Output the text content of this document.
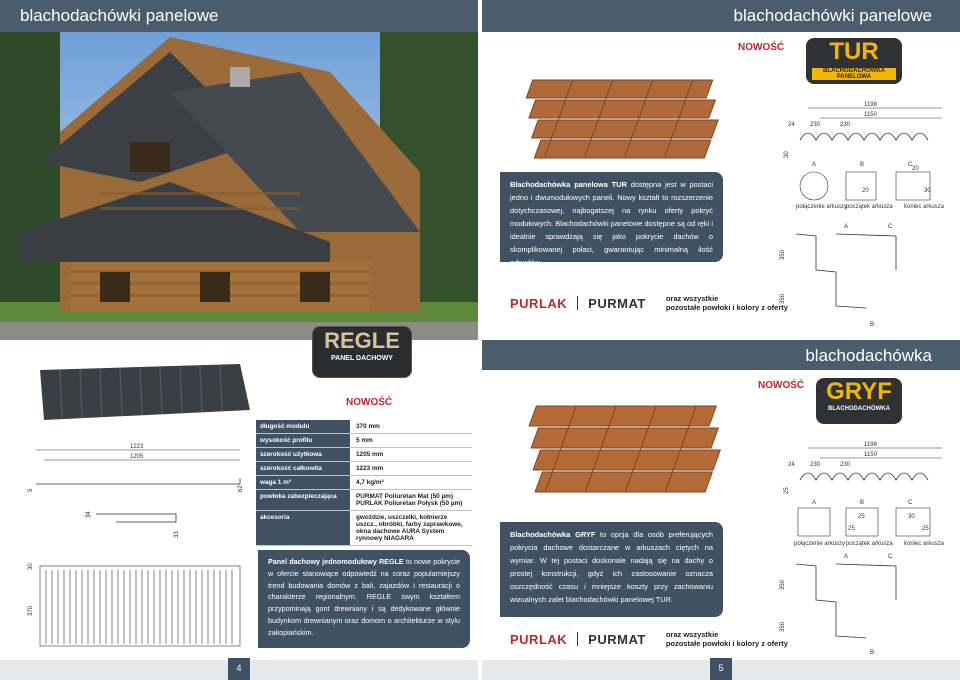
blachodachówki panelowe	blachodachówki panelowe
NOWOŚĆ	TUR
BLACHODACHÓWKA PANELOWA
1198
1150
24	230	230
30
A	B	C
20
20	30
połączenie arkuszy
początek arkusza koniec arkusza
A	C
350
350
B
Blachodachówka panelowa TUR dostępna jest w postaci jedno i dwumodułowych paneli. Nowy kształt to rozszerzenie dotychczasowej, najbogatszej na rynku oferty pokryć modułowych. Blachodachówki panelowe dostępne są od ręki i idealnie sprawdzają się jako pokrycie dachów o skomplikowanej połaci, gwarantując minimalną ilość odpadów.
PURLAK PURMAT	oraz wszystkie
pozostałe powłoki i kolory z oferty
blachodachówka
REGLE
PANEL DACHOWY
NOWOŚĆ
długość modułu	370 mm
wysokość profilu	5 mm
szerokość użytkowa	1205 mm
szerokość całkowita	1223 mm
waga 1 m²	4,7 kg/m²
powłoka zabezpieczająca	PURMAT Poliuretan Mat (50 µm) PURLAK Poliuretan Połysk (50 µm)
akcesoria	gwoździe, uszczelki, kołnierze uszcz., obróbki, farby zaprawkowe, okna dachowe AURA System rynnowy NIAGARA
1223
1205
5	62
34
33
30
370
Panel dachowy jednomodułowy REGLE to nowe pokrycie w ofercie stanowiące odpowiedź na coraz popularniejszy trend budowania domów z bali, zajazdów i restauracji o charakterze regionalnym. REGLE swym kształtem przypominają gont drewniany i są dedykowane głównie budynkom drewnianym oraz domom o architekturze w stylu zakopiańskim.
NOWOŚĆ GRYF
BLACHODACHÓWKA
1198
1150
24	230	230
25
A	B	C
25
25
30
25
połączenie arkuszy początek arkusza koniec arkusza
A	C
350
350
B
Blachodachówka GRYF to opcja dla osób preferujących pokrycia dachowe dostarczane w arkuszach ciętych na wymiar. W tej postaci doskonale nadają się na dachy o prostej konstrukcji, gdyż ich zastosowanie oznacza oszczędność czasu i mniejsze koszty przy zachowaniu wizualnych zalet blachodachówki panelowej TUR.
PURLAK PURMAT	oraz wszystkie
pozostałe powłoki i kolory z oferty
4	5
